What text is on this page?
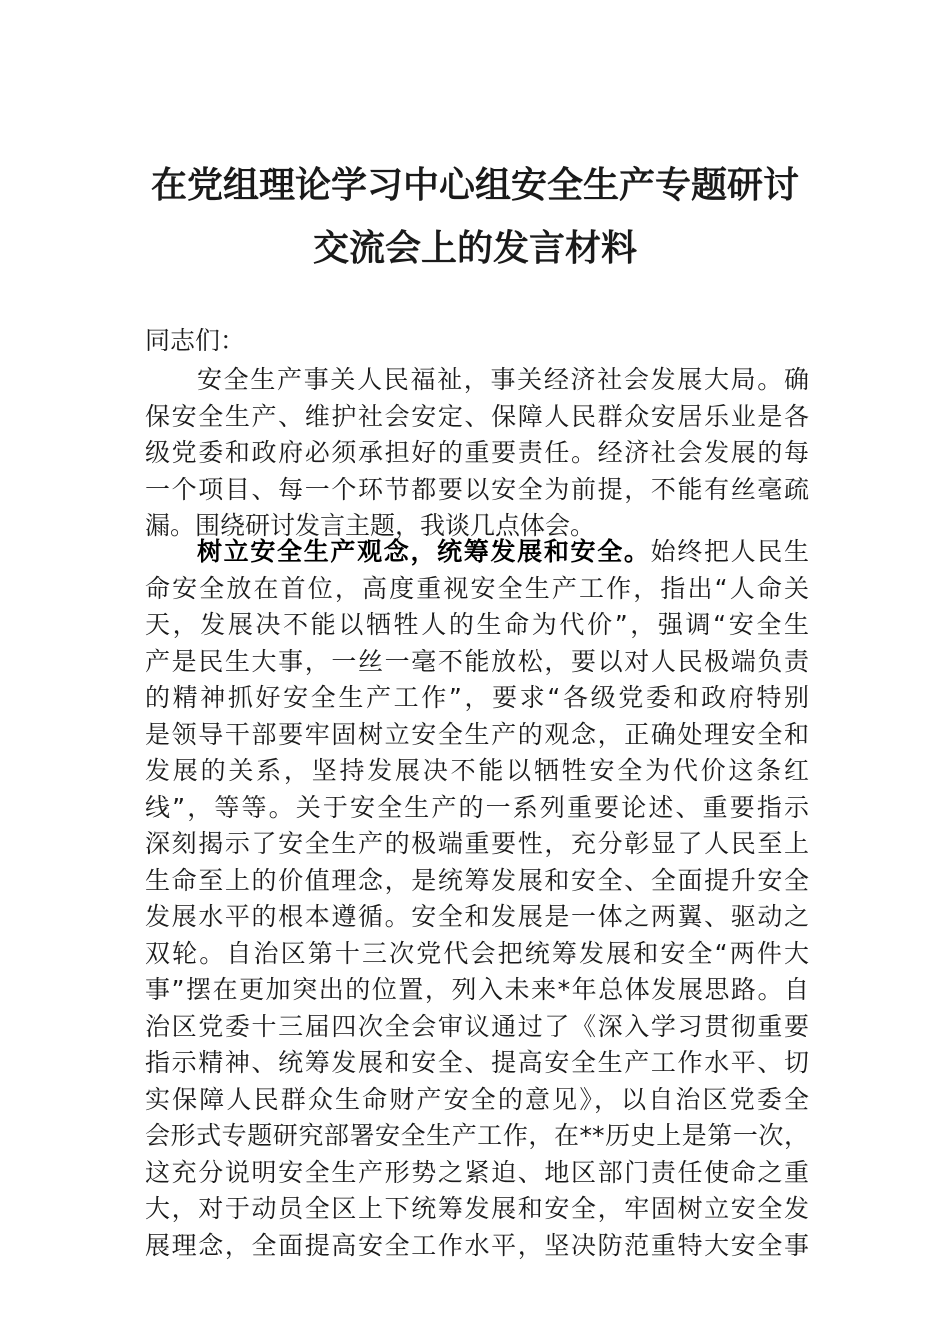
在党组理论学习中心组安全生产专题研讨
交流会上的发言材料
同志们：
安全生产事关人民福祉，事关经济社会发展大局。确
保安全生产、维护社会安定、保障人民群众安居乐业是各
级党委和政府必须承担好的重要责任。经济社会发展的每
一个项目、每一个环节都要以安全为前提，不能有丝毫疏
漏。围绕研讨发言主题，我谈几点体会。
树立安全生产观念，统筹发展和安全。始终把人民生
命安全放在首位，高度重视安全生产工作，指出“人命关
天，发展决不能以牺牲人的生命为代价”，强调“安全生
产是民生大事，一丝一毫不能放松，要以对人民极端负责
的精神抓好安全生产工作”，要求“各级党委和政府特别
是领导干部要牢固树立安全生产的观念，正确处理安全和
发展的关系，坚持发展决不能以牺牲安全为代价这条红
线”，等等。关于安全生产的一系列重要论述、重要指示
深刻揭示了安全生产的极端重要性，充分彰显了人民至上
生命至上的价值理念，是统筹发展和安全、全面提升安全
发展水平的根本遵循。安全和发展是一体之两翼、驱动之
双轮。自治区第十三次党代会把统筹发展和安全“两件大
事”摆在更加突出的位置，列入未来*年总体发展思路。自
治区党委十三届四次全会审议通过了《深入学习贯彻重要
指示精神、统筹发展和安全、提高安全生产工作水平、切
实保障人民群众生命财产安全的意见》，以自治区党委全
会形式专题研究部署安全生产工作，在**历史上是第一次，
这充分说明安全生产形势之紧迫、地区部门责任使命之重
大，对于动员全区上下统筹发展和安全，牢固树立安全发
展理念，全面提高安全工作水平，坚决防范重特大安全事
